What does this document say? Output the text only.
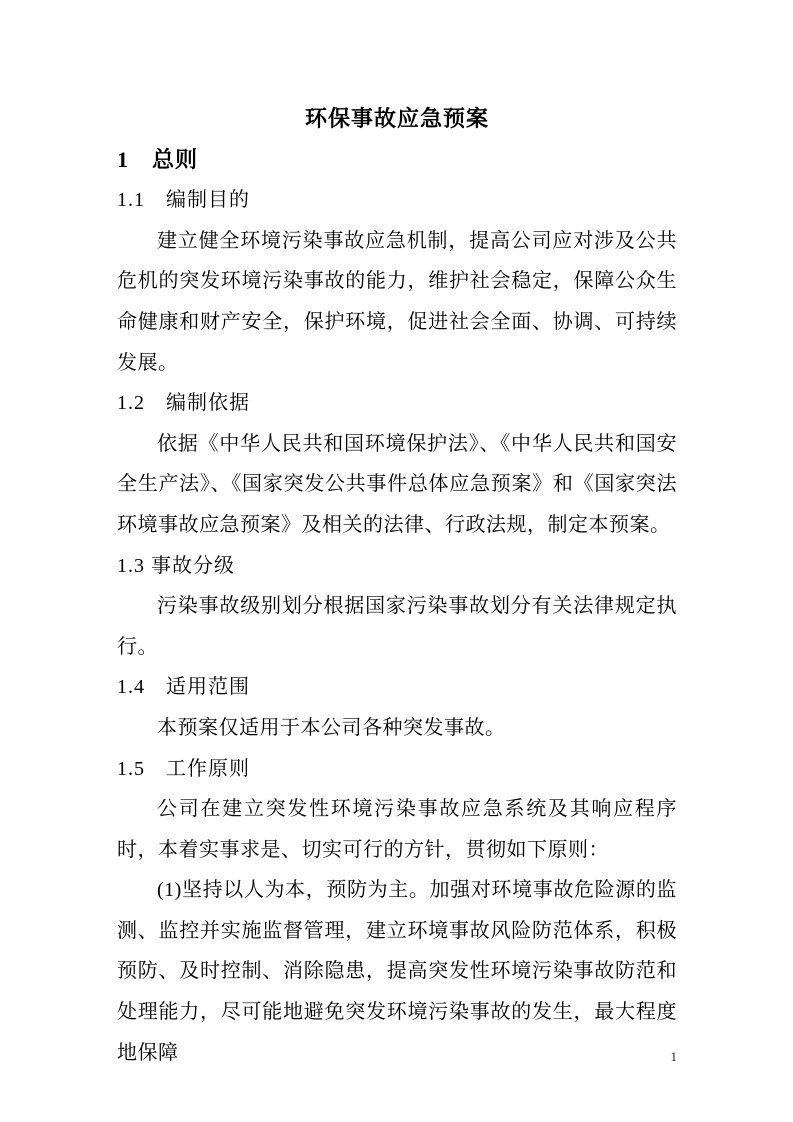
环保事故应急预案
1　总则
1.1　编制目的
建立健全环境污染事故应急机制，提高公司应对涉及公共危机的突发环境污染事故的能力，维护社会稳定，保障公众生命健康和财产安全，保护环境，促进社会全面、协调、可持续发展。
1.2　编制依据
依据《中华人民共和国环境保护法》、《中华人民共和国安全生产法》、《国家突发公共事件总体应急预案》和《国家突法环境事故应急预案》及相关的法律、行政法规，制定本预案。
1.3 事故分级
污染事故级别划分根据国家污染事故划分有关法律规定执行。
1.4　适用范围
本预案仅适用于本公司各种突发事故。
1.5　工作原则
公司在建立突发性环境污染事故应急系统及其响应程序时，本着实事求是、切实可行的方针，贯彻如下原则：
(1)坚持以人为本，预防为主。加强对环境事故危险源的监测、监控并实施监督管理，建立环境事故风险防范体系，积极预防、及时控制、消除隐患，提高突发性环境污染事故防范和处理能力，尽可能地避免突发环境污染事故的发生，最大程度地保障	1
